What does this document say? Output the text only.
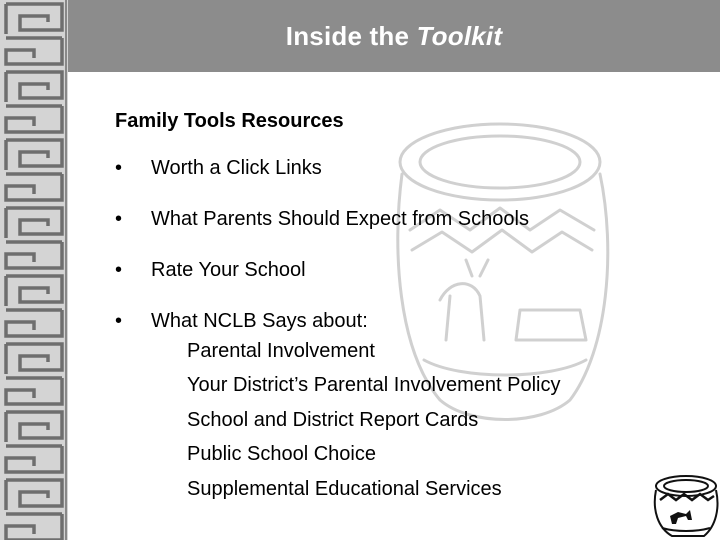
Inside the Toolkit
Family Tools Resources
•	Worth a Click Links
•	What Parents Should Expect from Schools
•	Rate Your School
•	What NCLB Says about:
Parental Involvement
Your District’s Parental Involvement Policy
School and District Report Cards
Public School Choice
Supplemental Educational Services
